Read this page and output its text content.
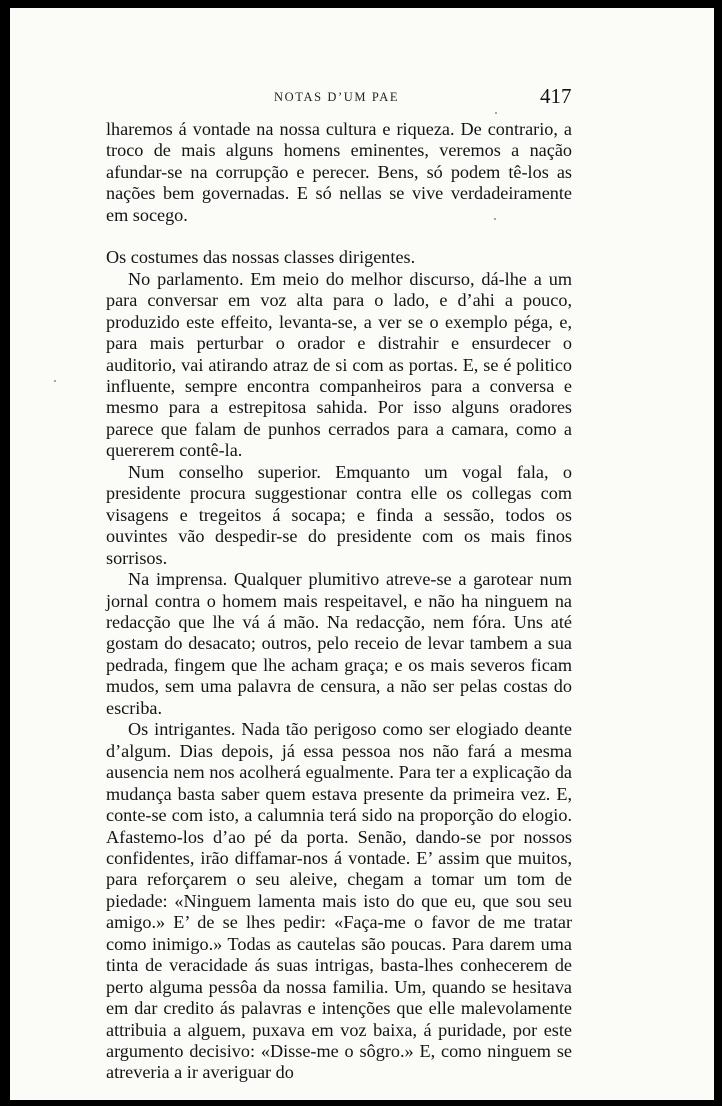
NOTAS D’UM PAE	417

lharemos á vontade na nossa cultura e riqueza. De contrario, a troco de mais alguns homens eminentes, veremos a nação afundar-se na corrupção e perecer. Bens, só podem tê-los as nações bem governadas. E só nellas se vive verdadeiramente em socego.

Os costumes das nossas classes dirigentes.

No parlamento. Em meio do melhor discurso, dá-lhe a um para conversar em voz alta para o lado, e d’ahi a pouco, produzido este effeito, levanta-se, a ver se o exemplo péga, e, para mais perturbar o orador e distrahir e ensurdecer o auditorio, vai atirando atraz de si com as portas. E, se é politico influente, sempre encontra companheiros para a conversa e mesmo para a estrepitosa sahida. Por isso alguns oradores parece que falam de punhos cerrados para a camara, como a quererem contê-la.

Num conselho superior. Emquanto um vogal fala, o presidente procura suggestionar contra elle os collegas com visagens e tregeitos á socapa; e finda a sessão, todos os ouvintes vão despedir-se do presidente com os mais finos sorrisos.

Na imprensa. Qualquer plumitivo atreve-se a garotear num jornal contra o homem mais respeitavel, e não ha ninguem na redacção que lhe vá á mão. Na redacção, nem fóra. Uns até gostam do desacato; outros, pelo receio de levar tambem a sua pedrada, fingem que lhe acham graça; e os mais severos ficam mudos, sem uma palavra de censura, a não ser pelas costas do escriba.

Os intrigantes. Nada tão perigoso como ser elogiado deante d’algum. Dias depois, já essa pessoa nos não fará a mesma ausencia nem nos acolherá egualmente. Para ter a explicação da mudança basta saber quem estava presente da primeira vez. E, conte-se com isto, a calumnia terá sido na proporção do elogio. Afastemo-los d’ao pé da porta. Senão, dando-se por nossos confidentes, irão diffamar-nos á vontade. E’ assim que muitos, para reforçarem o seu aleive, chegam a tomar um tom de piedade: «Ninguem lamenta mais isto do que eu, que sou seu amigo.» E’ de se lhes pedir: «Faça-me o favor de me tratar como inimigo.» Todas as cautelas são poucas. Para darem uma tinta de veracidade ás suas intrigas, basta-lhes conhecerem de perto alguma pessôa da nossa familia. Um, quando se hesitava em dar credito ás palavras e intenções que elle malevolamente attribuia a alguem, puxava em voz baixa, á puridade, por este argumento decisivo: «Disse-me o sôgro.» E, como ninguem se atreveria a ir averiguar do
